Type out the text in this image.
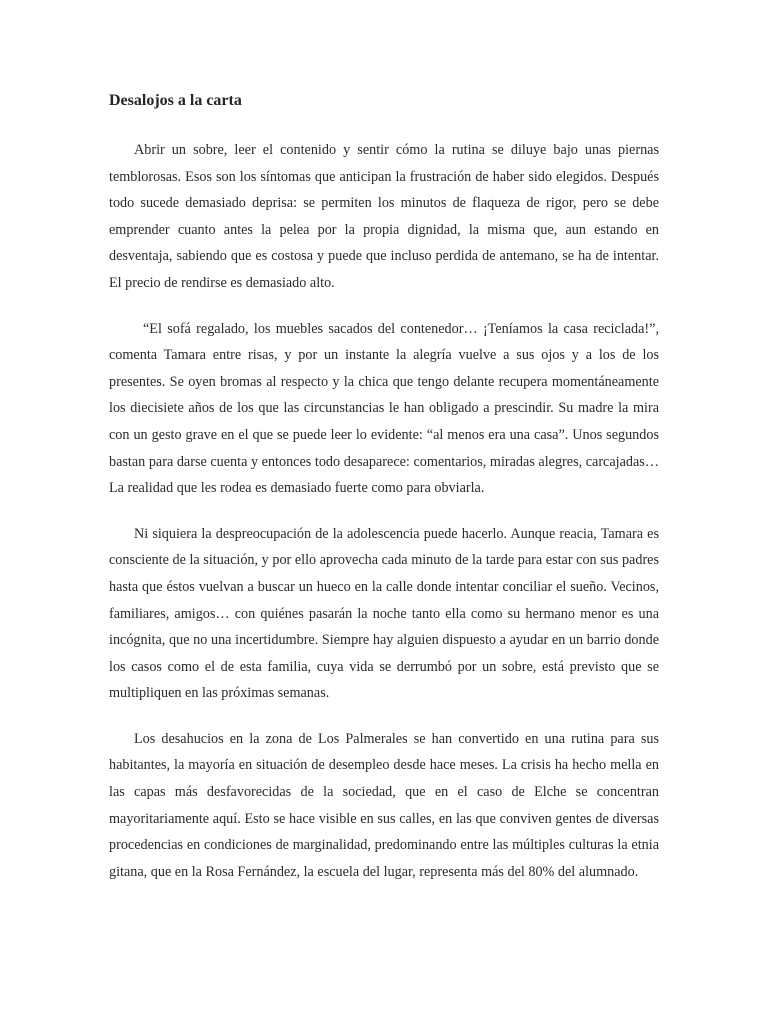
Desalojos a la carta

Abrir un sobre, leer el contenido y sentir cómo la rutina se diluye bajo unas piernas temblorosas. Esos son los síntomas que anticipan la frustración de haber sido elegidos. Después todo sucede demasiado deprisa: se permiten los minutos de flaqueza de rigor, pero se debe emprender cuanto antes la pelea por la propia dignidad, la misma que, aun estando en desventaja, sabiendo que es costosa y puede que incluso perdida de antemano, se ha de intentar. El precio de rendirse es demasiado alto.

“El sofá regalado, los muebles sacados del contenedor… ¡Teníamos la casa reciclada!”, comenta Tamara entre risas, y por un instante la alegría vuelve a sus ojos y a los de los presentes. Se oyen bromas al respecto y la chica que tengo delante recupera momentáneamente los diecisiete años de los que las circunstancias le han obligado a prescindir. Su madre la mira con un gesto grave en el que se puede leer lo evidente: “al menos era una casa”. Unos segundos bastan para darse cuenta y entonces todo desaparece: comentarios, miradas alegres, carcajadas… La realidad que les rodea es demasiado fuerte como para obviarla.

Ni siquiera la despreocupación de la adolescencia puede hacerlo. Aunque reacia, Tamara es consciente de la situación, y por ello aprovecha cada minuto de la tarde para estar con sus padres hasta que éstos vuelvan a buscar un hueco en la calle donde intentar conciliar el sueño. Vecinos, familiares, amigos… con quiénes pasarán la noche tanto ella como su hermano menor es una incógnita, que no una incertidumbre. Siempre hay alguien dispuesto a ayudar en un barrio donde los casos como el de esta familia, cuya vida se derrumbó por un sobre, está previsto que se multipliquen en las próximas semanas.

Los desahucios en la zona de Los Palmerales se han convertido en una rutina para sus habitantes, la mayoría en situación de desempleo desde hace meses. La crisis ha hecho mella en las capas más desfavorecidas de la sociedad, que en el caso de Elche se concentran mayoritariamente aquí. Esto se hace visible en sus calles, en las que conviven gentes de diversas procedencias en condiciones de marginalidad, predominando entre las múltiples culturas la etnia gitana, que en la Rosa Fernández, la escuela del lugar, representa más del 80% del alumnado.
